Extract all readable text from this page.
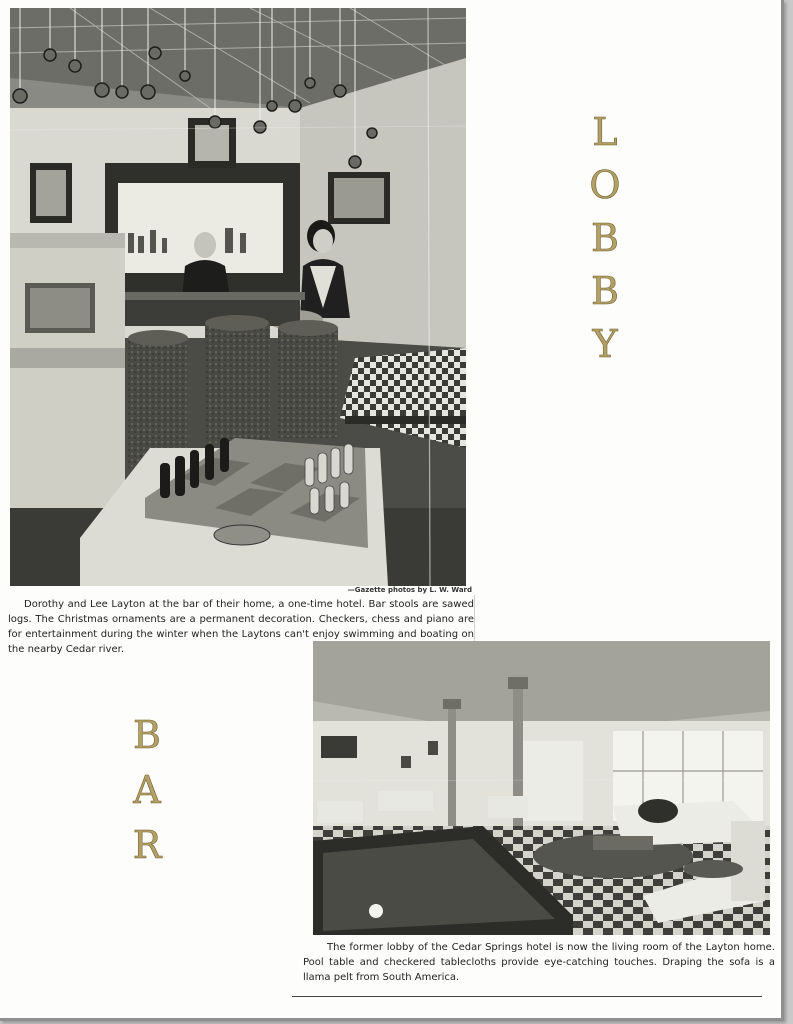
—Gazette photos by L. W. Ward
Dorothy and Lee Layton at the bar of their home, a one-time hotel. Bar stools are sawed logs. The Christmas ornaments are a permanent decoration. Checkers, chess and piano are for entertainment during the winter when the Laytons can't enjoy swimming and boating on the nearby Cedar river.
L
O
B
B
Y
B
A
R
The former lobby of the Cedar Springs hotel is now the living room of the Layton home. Pool table and checkered tablecloths provide eye-catching touches. Draping the sofa is a llama pelt from South America.
